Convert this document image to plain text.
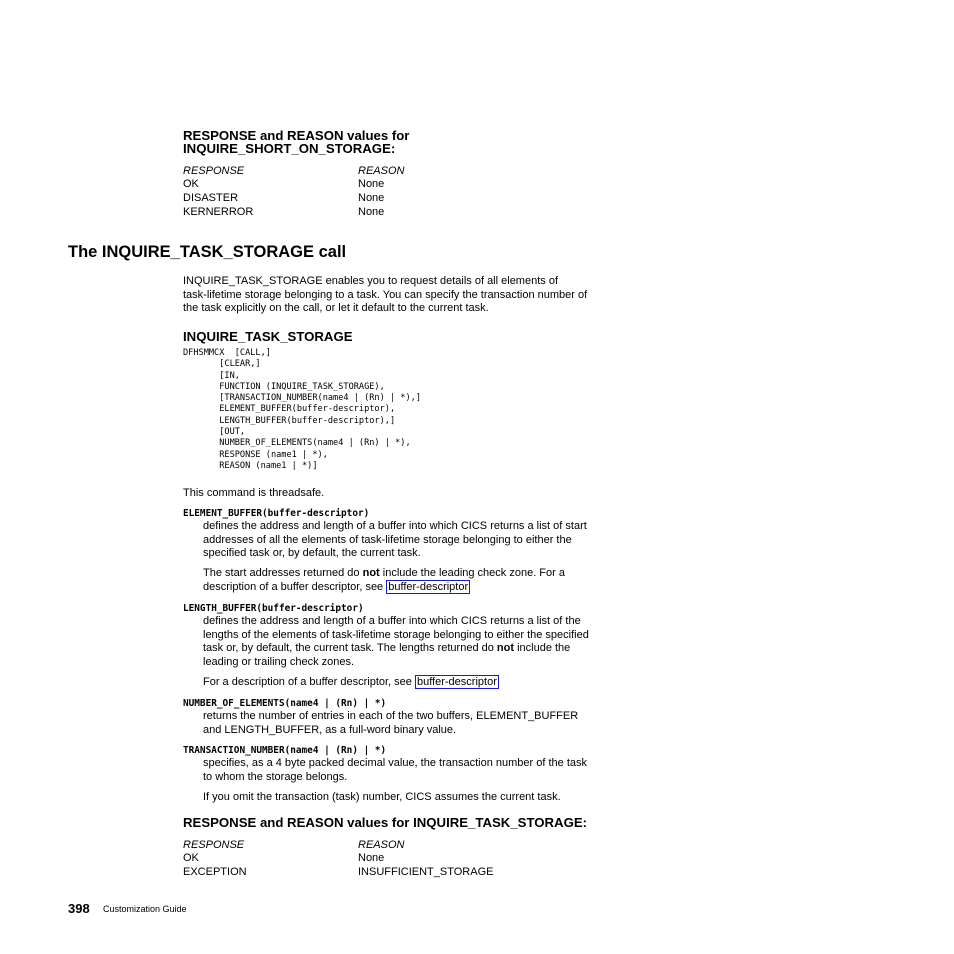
RESPONSE and REASON values for
INQUIRE_SHORT_ON_STORAGE:
RESPONSE	REASON
OK	None
DISASTER	None
KERNERROR	None
The INQUIRE_TASK_STORAGE call
INQUIRE_TASK_STORAGE enables you to request details of all elements of
task-lifetime storage belonging to a task. You can specify the transaction number of
the task explicitly on the call, or let it default to the current task.
INQUIRE_TASK_STORAGE
DFHSMMCX  [CALL,]
[CLEAR,]
[IN,
FUNCTION (INQUIRE_TASK_STORAGE),
[TRANSACTION_NUMBER(name4 | (Rn) | *),]
ELEMENT_BUFFER(buffer-descriptor),
LENGTH_BUFFER(buffer-descriptor),]
[OUT,
NUMBER_OF_ELEMENTS(name4 | (Rn) | *),
RESPONSE (name1 | *),
REASON (name1 | *)]
This command is threadsafe.
ELEMENT_BUFFER(buffer-descriptor)
defines the address and length of a buffer into which CICS returns a list of start
addresses of all the elements of task-lifetime storage belonging to either the
specified task or, by default, the current task.
The start addresses returned do not include the leading check zone. For a
description of a buffer descriptor, see buffer-descriptor
LENGTH_BUFFER(buffer-descriptor)
defines the address and length of a buffer into which CICS returns a list of the
lengths of the elements of task-lifetime storage belonging to either the specified
task or, by default, the current task. The lengths returned do not include the
leading or trailing check zones.
For a description of a buffer descriptor, see buffer-descriptor
NUMBER_OF_ELEMENTS(name4 | (Rn) | *)
returns the number of entries in each of the two buffers, ELEMENT_BUFFER
and LENGTH_BUFFER, as a full-word binary value.
TRANSACTION_NUMBER(name4 | (Rn) | *)
specifies, as a 4 byte packed decimal value, the transaction number of the task
to whom the storage belongs.
If you omit the transaction (task) number, CICS assumes the current task.
RESPONSE and REASON values for INQUIRE_TASK_STORAGE:
RESPONSE	REASON
OK	None
EXCEPTION	INSUFFICIENT_STORAGE
398 Customization Guide
